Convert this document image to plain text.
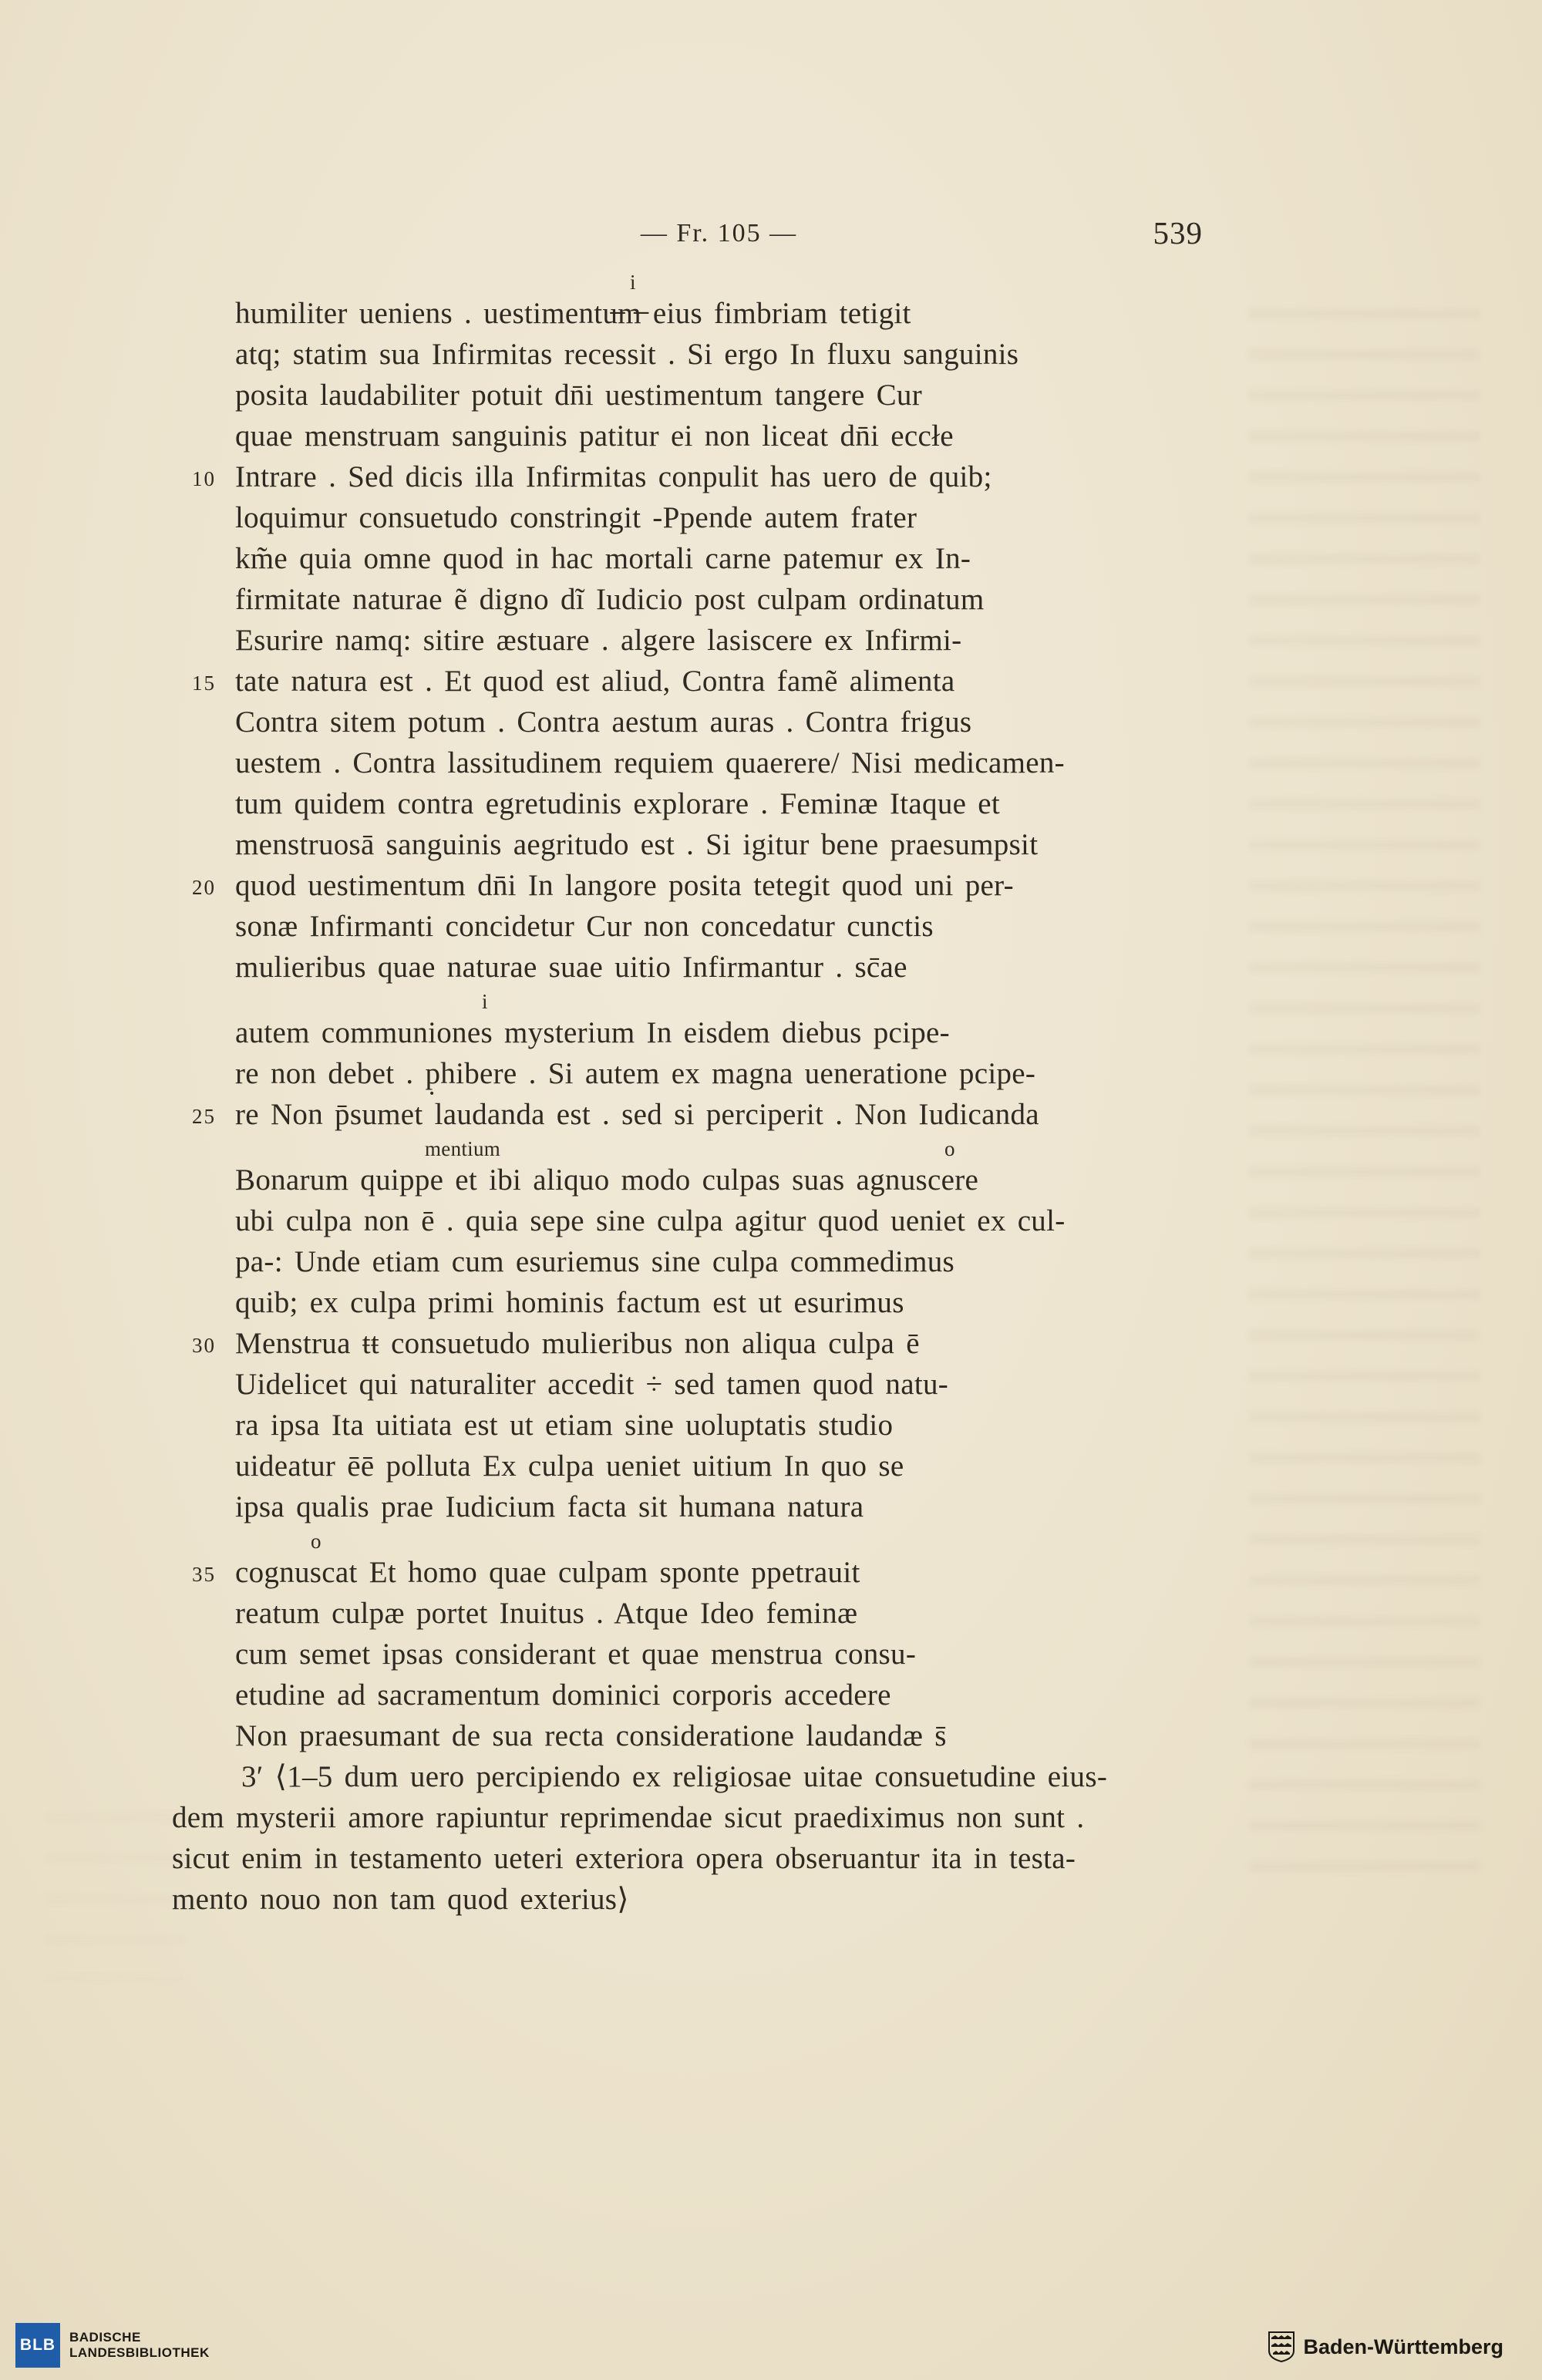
— Fr. 105 —	539
i
humiliter ueniens . uestimentu̶m̶ eius fimbriam tetigit
atq; statim sua Infirmitas recessit . Si ergo In fluxu sanguinis
posita laudabiliter potuit dn̄i uestimentum tangere Cur
quae menstruam sanguinis patitur ei non liceat dn̄i eccłe
10 Intrare . Sed dicis illa Infirmitas conpulit has uero de quib;
loquimur consuetudo constringit -Ppende autem frater
km̃e quia omne quod in hac mortali carne patemur ex In-
firmitate naturae ẽ digno dĩ Iudicio post culpam ordinatum
Esurire namq: sitire æstuare . algere lasiscere ex Infirmi-
15 tate natura est . Et quod est aliud, Contra famẽ alimenta
Contra sitem potum . Contra aestum auras . Contra frigus
uestem . Contra lassitudinem requiem quaerere/ Nisi medicamen-
tum quidem contra egretudinis explorare . Feminæ Itaque et
menstruosā sanguinis aegritudo est . Si igitur bene praesumpsit
20 quod uestimentum dn̄i In langore posita tetegit quod uni per-
sonæ Infirmanti concidetur Cur non concedatur cunctis
mulieribus quae naturae suae uitio Infirmantur . sc̄ae
i
autem communiones mysterium In eisdem diebus pcipe-
re non debet . p̣hibere . Si autem ex magna ueneratione pcipe-
25 re Non p̄sumet laudanda est . sed si perciperit . Non Iudicanda
mentium	o
Bonarum quippe et ibi aliquo modo culpas suas agnuscere
ubi culpa non ē . quia sepe sine culpa agitur quod ueniet ex cul-
pa-: Unde etiam cum esuriemus sine culpa commedimus
quib; ex culpa primi hominis factum est ut esurimus
30 Menstrua ŧŧ consuetudo mulieribus non aliqua culpa ē
Uidelicet qui naturaliter accedit ÷ sed tamen quod natu-
ra ipsa Ita uitiata est ut etiam sine uoluptatis studio
uideatur ēē polluta Ex culpa ueniet uitium In quo se
ipsa qualis prae Iudicium facta sit humana natura
o
35 cognuscat Et homo quae culpam sponte ppetrauit
reatum culpæ portet Inuitus . Atque Ideo feminæ
cum semet ipsas considerant et quae menstrua consu-
etudine ad sacramentum dominici corporis accedere
Non praesumant de sua recta consideratione laudandæ s̄
3′ ⟨1–5 dum uero percipiendo ex religiosae uitae consuetudine eius-
dem mysterii amore rapiuntur reprimendae sicut praediximus non sunt .
sicut enim in testamento ueteri exteriora opera obseruantur ita in testa-
mento nouo non tam quod exterius⟩
BLB	BADISCHE
LANDESBIBLIOTHEK	Baden-Württemberg
